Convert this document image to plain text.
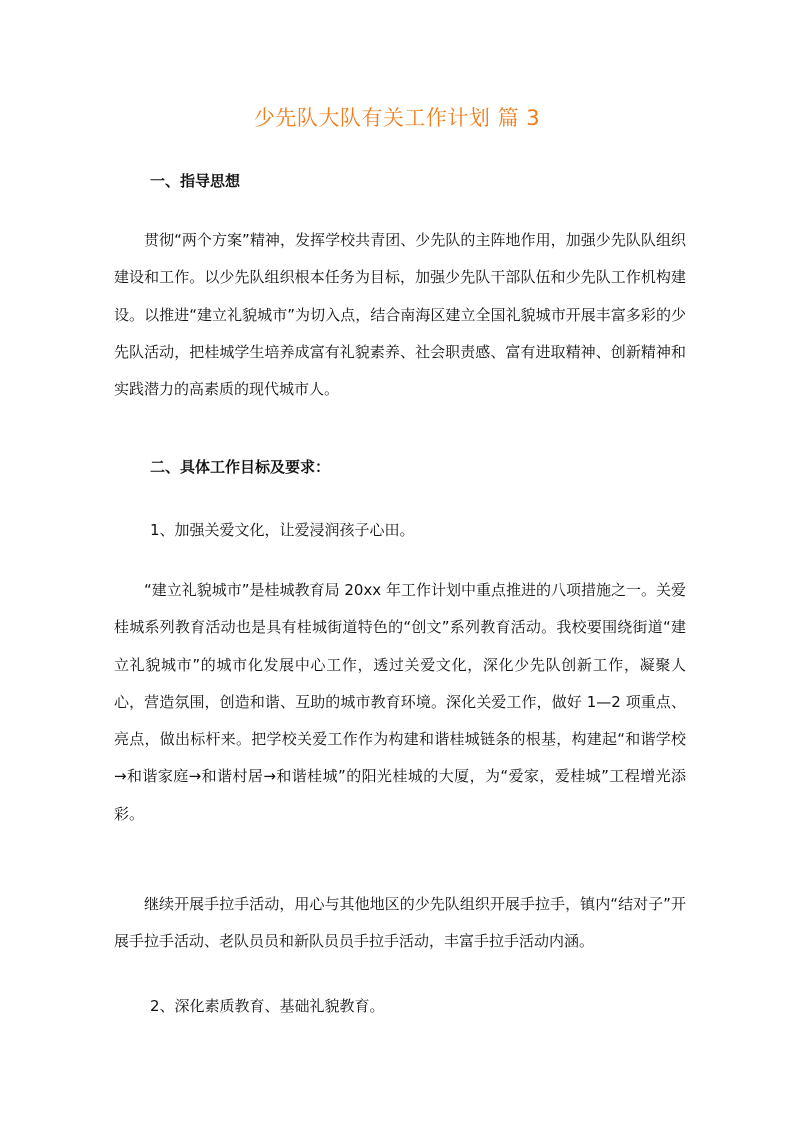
少先队大队有关工作计划 篇 3
一、指导思想
贯彻“两个方案”精神，发挥学校共青团、少先队的主阵地作用，加强少先队队组织建设和工作。以少先队组织根本任务为目标，加强少先队干部队伍和少先队工作机构建设。以推进“建立礼貌城市”为切入点，结合南海区建立全国礼貌城市开展丰富多彩的少先队活动，把桂城学生培养成富有礼貌素养、社会职责感、富有进取精神、创新精神和实践潜力的高素质的现代城市人。
二、具体工作目标及要求：
1、加强关爱文化，让爱浸润孩子心田。
“建立礼貌城市”是桂城教育局 20xx 年工作计划中重点推进的八项措施之一。关爱桂城系列教育活动也是具有桂城街道特色的“创文”系列教育活动。我校要围绕街道“建立礼貌城市”的城市化发展中心工作，透过关爱文化，深化少先队创新工作，凝聚人心，营造氛围，创造和谐、互助的城市教育环境。深化关爱工作，做好 1—2 项重点、亮点，做出标杆来。把学校关爱工作作为构建和谐桂城链条的根基，构建起“和谐学校→和谐家庭→和谐村居→和谐桂城”的阳光桂城的大厦，为“爱家，爱桂城”工程增光添彩。
继续开展手拉手活动，用心与其他地区的少先队组织开展手拉手，镇内“结对子”开展手拉手活动、老队员员和新队员员手拉手活动，丰富手拉手活动内涵。
2、深化素质教育、基础礼貌教育。
